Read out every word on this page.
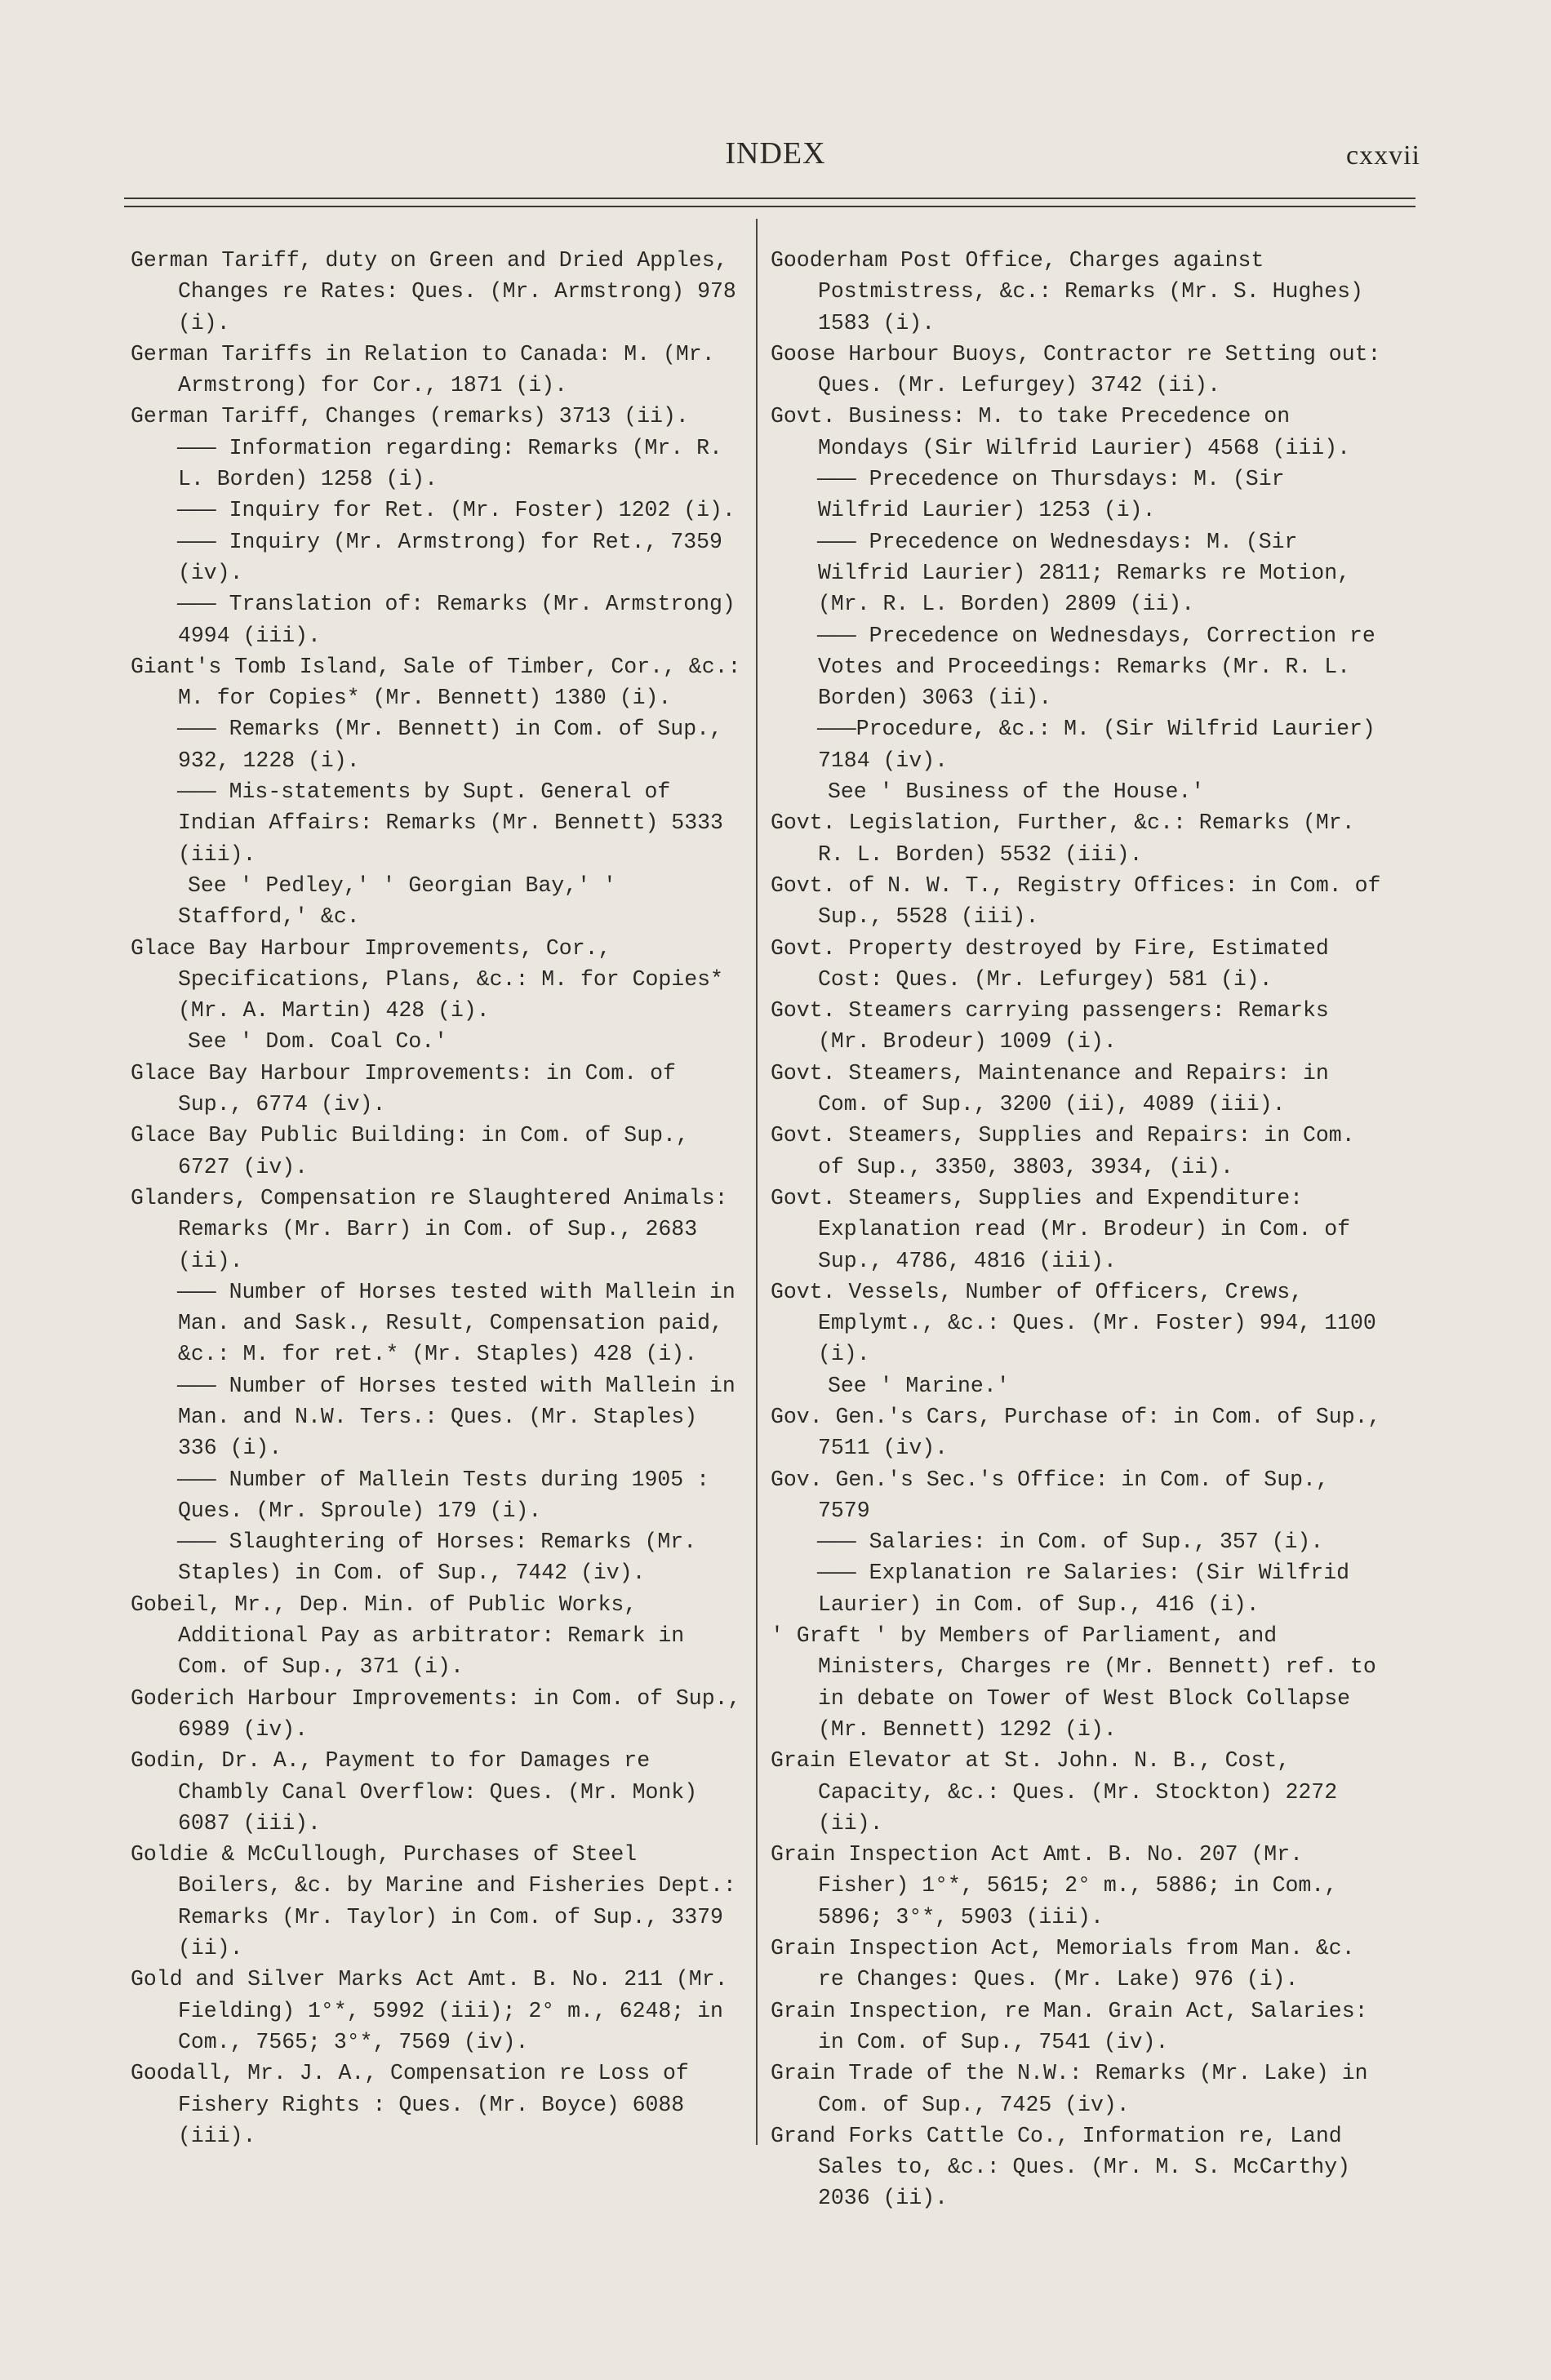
INDEX	cxxvii

German Tariff, duty on Green and Dried Apples, Changes re Rates: Ques. (Mr. Armstrong) 978 (i).

German Tariffs in Relation to Canada: M. (Mr. Armstrong) for Cor., 1871 (i).

German Tariff, Changes (remarks) 3713 (ii).

——— Information regarding: Remarks (Mr. R. L. Borden) 1258 (i).

——— Inquiry for Ret. (Mr. Foster) 1202 (i).

——— Inquiry (Mr. Armstrong) for Ret., 7359 (iv).

——— Translation of: Remarks (Mr. Armstrong) 4994 (iii).

Giant's Tomb Island, Sale of Timber, Cor., &c.: M. for Copies* (Mr. Bennett) 1380 (i).

——— Remarks (Mr. Bennett) in Com. of Sup., 932, 1228 (i).

——— Mis-statements by Supt. General of Indian Affairs: Remarks (Mr. Bennett) 5333 (iii).

See ' Pedley,' ' Georgian Bay,' ' Stafford,' &c.

Glace Bay Harbour Improvements, Cor., Specifications, Plans, &c.: M. for Copies* (Mr. A. Martin) 428 (i).

See ' Dom. Coal Co.'

Glace Bay Harbour Improvements: in Com. of Sup., 6774 (iv).

Glace Bay Public Building: in Com. of Sup., 6727 (iv).

Glanders, Compensation re Slaughtered Animals: Remarks (Mr. Barr) in Com. of Sup., 2683 (ii).

——— Number of Horses tested with Mallein in Man. and Sask., Result, Compensation paid, &c.: M. for ret.* (Mr. Staples) 428 (i).

——— Number of Horses tested with Mallein in Man. and N.W. Ters.: Ques. (Mr. Staples) 336 (i).

——— Number of Mallein Tests during 1905 : Ques. (Mr. Sproule) 179 (i).

——— Slaughtering of Horses: Remarks (Mr. Staples) in Com. of Sup., 7442 (iv).

Gobeil, Mr., Dep. Min. of Public Works, Additional Pay as arbitrator: Remark in Com. of Sup., 371 (i).

Goderich Harbour Improvements: in Com. of Sup., 6989 (iv).

Godin, Dr. A., Payment to for Damages re Chambly Canal Overflow: Ques. (Mr. Monk) 6087 (iii).

Goldie & McCullough, Purchases of Steel Boilers, &c. by Marine and Fisheries Dept.: Remarks (Mr. Taylor) in Com. of Sup., 3379 (ii).

Gold and Silver Marks Act Amt. B. No. 211 (Mr. Fielding) 1°*, 5992 (iii); 2° m., 6248; in Com., 7565; 3°*, 7569 (iv).

Goodall, Mr. J. A., Compensation re Loss of Fishery Rights : Ques. (Mr. Boyce) 6088 (iii).

Gooderham Post Office, Charges against Postmistress, &c.: Remarks (Mr. S. Hughes) 1583 (i).

Goose Harbour Buoys, Contractor re Setting out: Ques. (Mr. Lefurgey) 3742 (ii).

Govt. Business: M. to take Precedence on Mondays (Sir Wilfrid Laurier) 4568 (iii).

——— Precedence on Thursdays: M. (Sir Wilfrid Laurier) 1253 (i).

——— Precedence on Wednesdays: M. (Sir Wilfrid Laurier) 2811; Remarks re Motion, (Mr. R. L. Borden) 2809 (ii).

——— Precedence on Wednesdays, Correction re Votes and Proceedings: Remarks (Mr. R. L. Borden) 3063 (ii).

———Procedure, &c.: M. (Sir Wilfrid Laurier) 7184 (iv).

See ' Business of the House.'

Govt. Legislation, Further, &c.: Remarks (Mr. R. L. Borden) 5532 (iii).

Govt. of N. W. T., Registry Offices: in Com. of Sup., 5528 (iii).

Govt. Property destroyed by Fire, Estimated Cost: Ques. (Mr. Lefurgey) 581 (i).

Govt. Steamers carrying passengers: Remarks (Mr. Brodeur) 1009 (i).

Govt. Steamers, Maintenance and Repairs: in Com. of Sup., 3200 (ii), 4089 (iii).

Govt. Steamers, Supplies and Repairs: in Com. of Sup., 3350, 3803, 3934, (ii).

Govt. Steamers, Supplies and Expenditure: Explanation read (Mr. Brodeur) in Com. of Sup., 4786, 4816 (iii).

Govt. Vessels, Number of Officers, Crews, Emplymt., &c.: Ques. (Mr. Foster) 994, 1100 (i).

See ' Marine.'

Gov. Gen.'s Cars, Purchase of: in Com. of Sup., 7511 (iv).

Gov. Gen.'s Sec.'s Office: in Com. of Sup., 7579

——— Salaries: in Com. of Sup., 357 (i).

——— Explanation re Salaries: (Sir Wilfrid Laurier) in Com. of Sup., 416 (i).

' Graft ' by Members of Parliament, and Ministers, Charges re (Mr. Bennett) ref. to in debate on Tower of West Block Collapse (Mr. Bennett) 1292 (i).

Grain Elevator at St. John. N. B., Cost, Capacity, &c.: Ques. (Mr. Stockton) 2272 (ii).

Grain Inspection Act Amt. B. No. 207 (Mr. Fisher) 1°*, 5615; 2° m., 5886; in Com., 5896; 3°*, 5903 (iii).

Grain Inspection Act, Memorials from Man. &c. re Changes: Ques. (Mr. Lake) 976 (i).

Grain Inspection, re Man. Grain Act, Salaries: in Com. of Sup., 7541 (iv).

Grain Trade of the N.W.: Remarks (Mr. Lake) in Com. of Sup., 7425 (iv).

Grand Forks Cattle Co., Information re, Land Sales to, &c.: Ques. (Mr. M. S. McCarthy) 2036 (ii).
